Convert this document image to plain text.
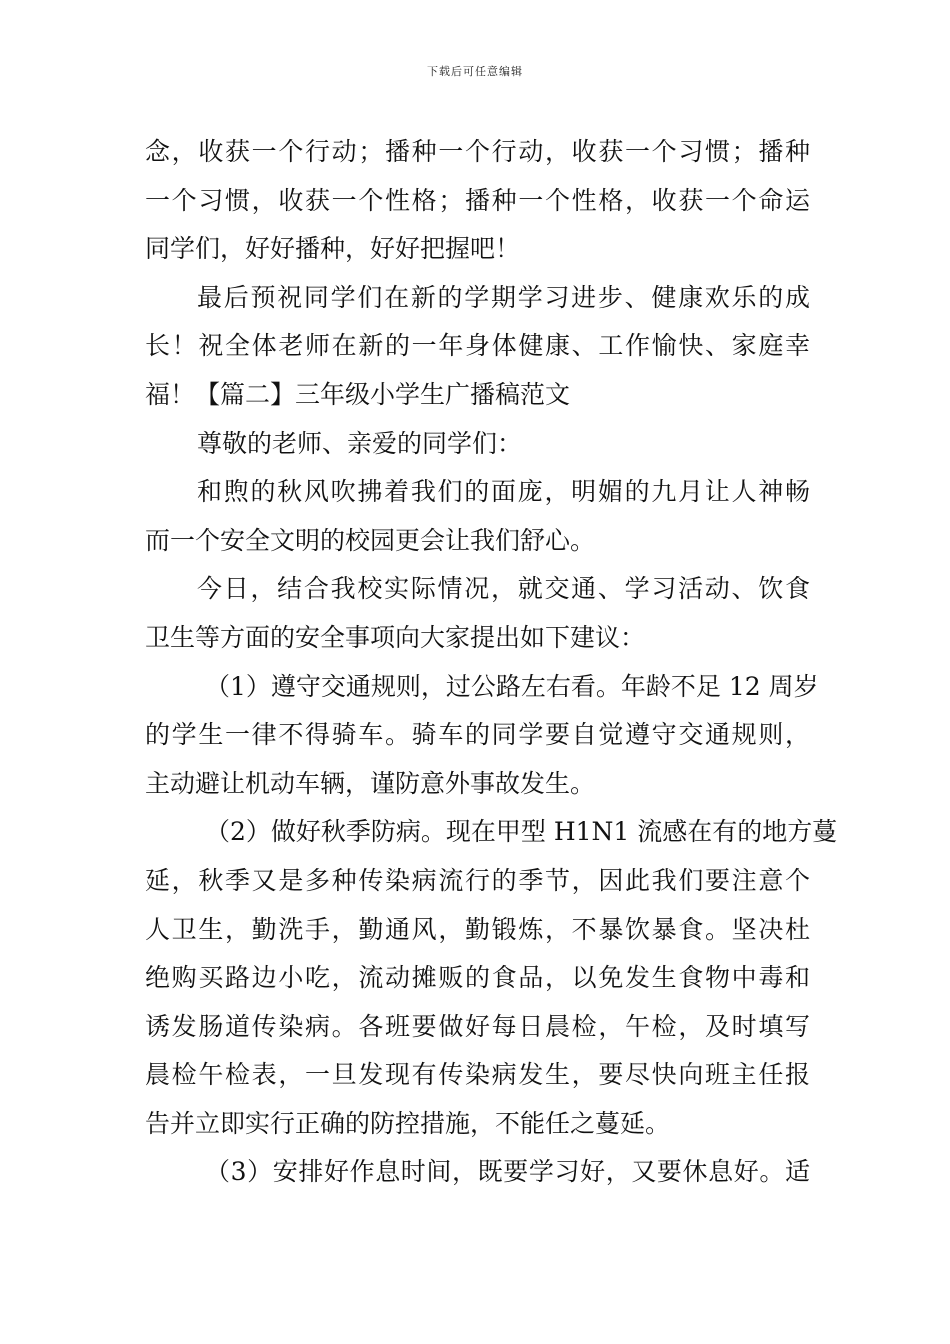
下载后可任意编辑
念，收获一个行动；播种一个行动，收获一个习惯；播种
一个习惯，收获一个性格；播种一个性格，收获一个命运
同学们，好好播种，好好把握吧！
最后预祝同学们在新的学期学习进步、健康欢乐的成
长！祝全体老师在新的一年身体健康、工作愉快、家庭幸
福！【篇二】三年级小学生广播稿范文
尊敬的老师、亲爱的同学们：
和煦的秋风吹拂着我们的面庞，明媚的九月让人神畅
而一个安全文明的校园更会让我们舒心。
今日，结合我校实际情况，就交通、学习活动、饮食
卫生等方面的安全事项向大家提出如下建议：
（1）遵守交通规则，过公路左右看。年龄不足 12 周岁
的学生一律不得骑车。骑车的同学要自觉遵守交通规则，
主动避让机动车辆，谨防意外事故发生。
（2）做好秋季防病。现在甲型 H1N1 流感在有的地方蔓
延，秋季又是多种传染病流行的季节，因此我们要注意个
人卫生，勤洗手，勤通风，勤锻炼，不暴饮暴食。坚决杜
绝购买路边小吃，流动摊贩的食品，以免发生食物中毒和
诱发肠道传染病。各班要做好每日晨检，午检，及时填写
晨检午检表，一旦发现有传染病发生，要尽快向班主任报
告并立即实行正确的防控措施，不能任之蔓延。
（3）安排好作息时间，既要学习好，又要休息好。适
